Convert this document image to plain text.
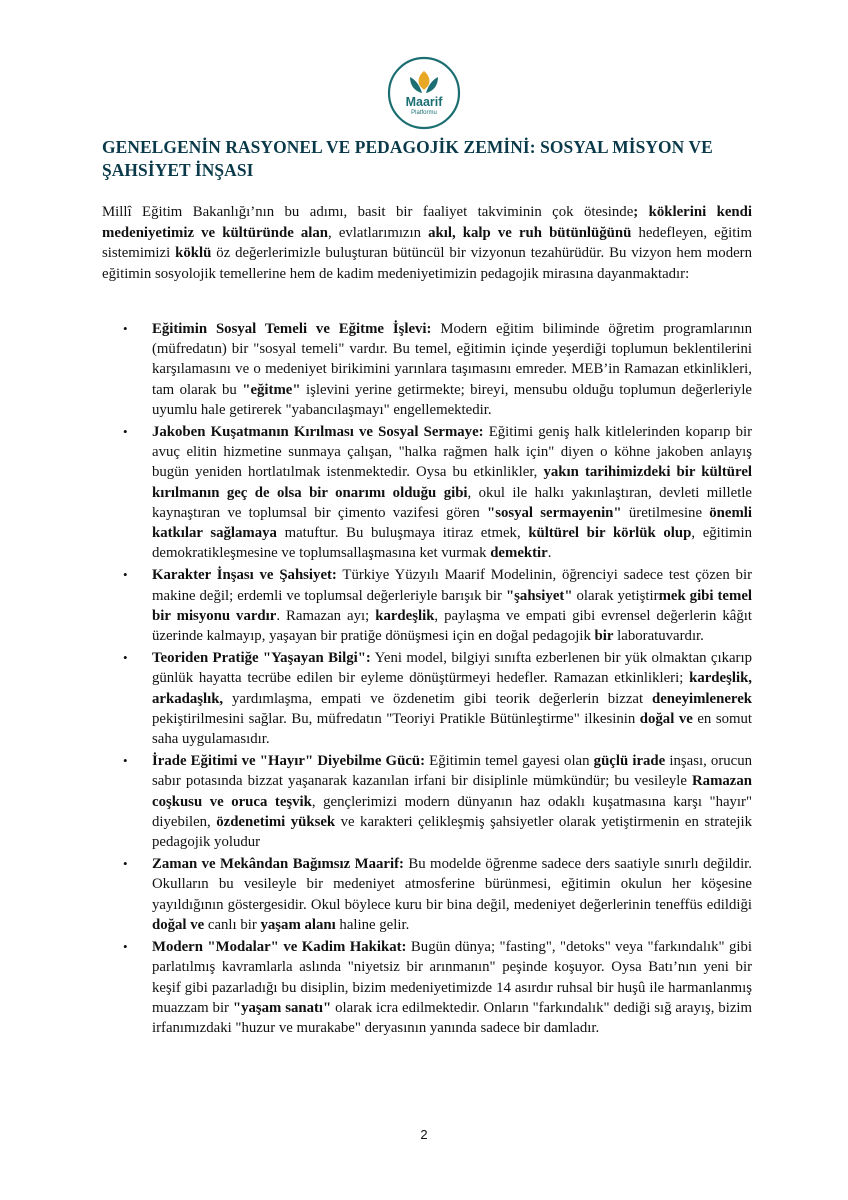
Maarif
Platformu
GENELGENİN RASYONEL VE PEDAGOJİK ZEMİNİ: SOSYAL MİSYON VE ŞAHSİYET İNŞASI

Millî Eğitim Bakanlığı’nın bu adımı, basit bir faaliyet takviminin çok ötesinde; köklerini kendi medeniyetimiz ve kültüründe alan, evlatlarımızın akıl, kalp ve ruh bütünlüğünü hedefleyen, eğitim sistemimizi köklü öz değerlerimizle buluşturan bütüncül bir vizyonun tezahürüdür. Bu vizyon hem modern eğitimin sosyolojik temellerine hem de kadim medeniyetimizin pedagojik mirasına dayanmaktadır:

• Eğitimin Sosyal Temeli ve Eğitme İşlevi: Modern eğitim biliminde öğretim programlarının (müfredatın) bir "sosyal temeli" vardır. Bu temel, eğitimin içinde yeşerdiği toplumun beklentilerini karşılamasını ve o medeniyet birikimini yarınlara taşımasını emreder. MEB’in Ramazan etkinlikleri, tam olarak bu "eğitme" işlevini yerine getirmekte; bireyi, mensubu olduğu toplumun değerleriyle uyumlu hale getirerek "yabancılaşmayı" engellemektedir.
• Jakoben Kuşatmanın Kırılması ve Sosyal Sermaye: Eğitimi geniş halk kitlelerinden koparıp bir avuç elitin hizmetine sunmaya çalışan, "halka rağmen halk için" diyen o köhne jakoben anlayış bugün yeniden hortlatılmak istenmektedir. Oysa bu etkinlikler, yakın tarihimizdeki bir kültürel kırılmanın geç de olsa bir onarımı olduğu gibi, okul ile halkı yakınlaştıran, devleti milletle kaynaştıran ve toplumsal bir çimento vazifesi gören "sosyal sermayenin" üretilmesine önemli katkılar sağlamaya matuftur. Bu buluşmaya itiraz etmek, kültürel bir körlük olup, eğitimin demokratikleşmesine ve toplumsallaşmasına ket vurmak demektir.
• Karakter İnşası ve Şahsiyet: Türkiye Yüzyılı Maarif Modelinin, öğrenciyi sadece test çözen bir makine değil; erdemli ve toplumsal değerleriyle barışık bir "şahsiyet" olarak yetiştirmek gibi temel bir misyonu vardır. Ramazan ayı; kardeşlik, paylaşma ve empati gibi evrensel değerlerin kâğıt üzerinde kalmayıp, yaşayan bir pratiğe dönüşmesi için en doğal pedagojik bir laboratuvardır.
• Teoriden Pratiğe "Yaşayan Bilgi": Yeni model, bilgiyi sınıfta ezberlenen bir yük olmaktan çıkarıp günlük hayatta tecrübe edilen bir eyleme dönüştürmeyi hedefler. Ramazan etkinlikleri; kardeşlik, arkadaşlık, yardımlaşma, empati ve özdenetim gibi teorik değerlerin bizzat deneyimlenerek pekiştirilmesini sağlar. Bu, müfredatın "Teoriyi Pratikle Bütünleştirme" ilkesinin doğal ve en somut saha uygulamasıdır.
• İrade Eğitimi ve "Hayır" Diyebilme Gücü: Eğitimin temel gayesi olan güçlü irade inşası, orucun sabır potasında bizzat yaşanarak kazanılan irfani bir disiplinle mümkündür; bu vesileyle Ramazan coşkusu ve oruca teşvik, gençlerimizi modern dünyanın haz odaklı kuşatmasına karşı "hayır" diyebilen, özdenetimi yüksek ve karakteri çelikleşmiş şahsiyetler olarak yetiştirmenin en stratejik pedagojik yoludur
• Zaman ve Mekândan Bağımsız Maarif: Bu modelde öğrenme sadece ders saatiyle sınırlı değildir. Okulların bu vesileyle bir medeniyet atmosferine bürünmesi, eğitimin okulun her köşesine yayıldığının göstergesidir. Okul böylece kuru bir bina değil, medeniyet değerlerinin teneffüs edildiği doğal ve canlı bir yaşam alanı haline gelir.
• Modern "Modalar" ve Kadim Hakikat: Bugün dünya; "fasting", "detoks" veya "farkındalık" gibi parlatılmış kavramlarla aslında "niyetsiz bir arınmanın" peşinde koşuyor. Oysa Batı’nın yeni bir keşif gibi pazarladığı bu disiplin, bizim medeniyetimizde 14 asırdır ruhsal bir huşû ile harmanlanmış muazzam bir "yaşam sanatı" olarak icra edilmektedir. Onların "farkındalık" dediği sığ arayış, bizim irfanımızdaki "huzur ve murakabe" deryasının yanında sadece bir damladır.
2
